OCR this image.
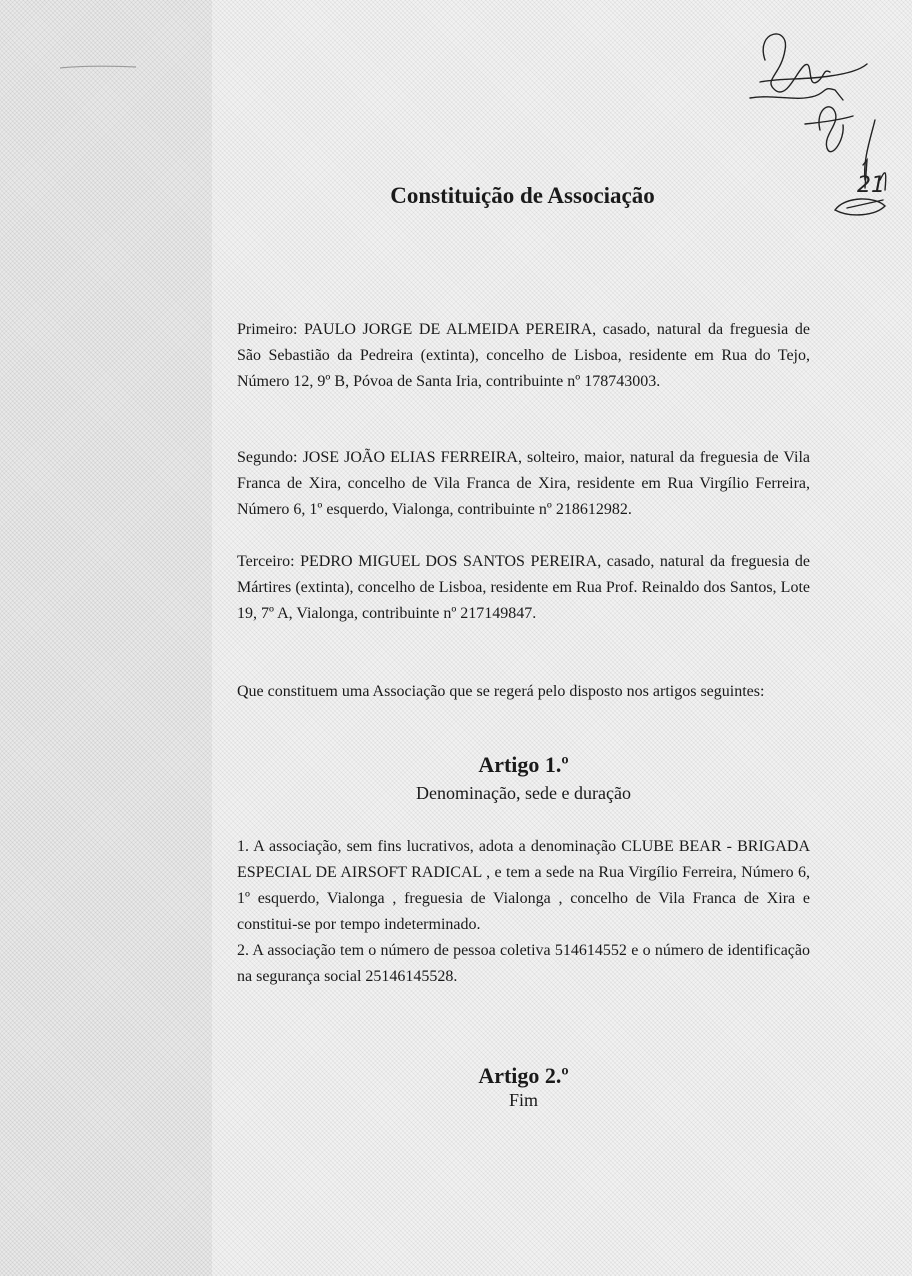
21
Constituição de Associação

Primeiro: PAULO JORGE DE ALMEIDA PEREIRA, casado, natural da freguesia de São Sebastião da Pedreira (extinta), concelho de Lisboa, residente em Rua do Tejo, Número 12, 9º B, Póvoa de Santa Iria, contribuinte nº 178743003.

Segundo: JOSE JOÃO ELIAS FERREIRA, solteiro, maior, natural da freguesia de Vila Franca de Xira, concelho de Vila Franca de Xira, residente em Rua Virgílio Ferreira, Número 6, 1º esquerdo, Vialonga, contribuinte nº 218612982.

Terceiro: PEDRO MIGUEL DOS SANTOS PEREIRA, casado, natural da freguesia de Mártires (extinta), concelho de Lisboa, residente em Rua Prof. Reinaldo dos Santos, Lote 19, 7º A, Vialonga, contribuinte nº 217149847.

Que constituem uma Associação que se regerá pelo disposto nos artigos seguintes:

Artigo 1.º
Denominação, sede e duração

1. A associação, sem fins lucrativos, adota a denominação CLUBE BEAR - BRIGADA ESPECIAL DE AIRSOFT RADICAL , e tem a sede na Rua Virgílio Ferreira, Número 6, 1º esquerdo, Vialonga , freguesia de Vialonga , concelho de Vila Franca de Xira e constitui-se por tempo indeterminado.

2. A associação tem o número de pessoa coletiva 514614552 e o número de identificação na segurança social 25146145528.

Artigo 2.º
Fim
